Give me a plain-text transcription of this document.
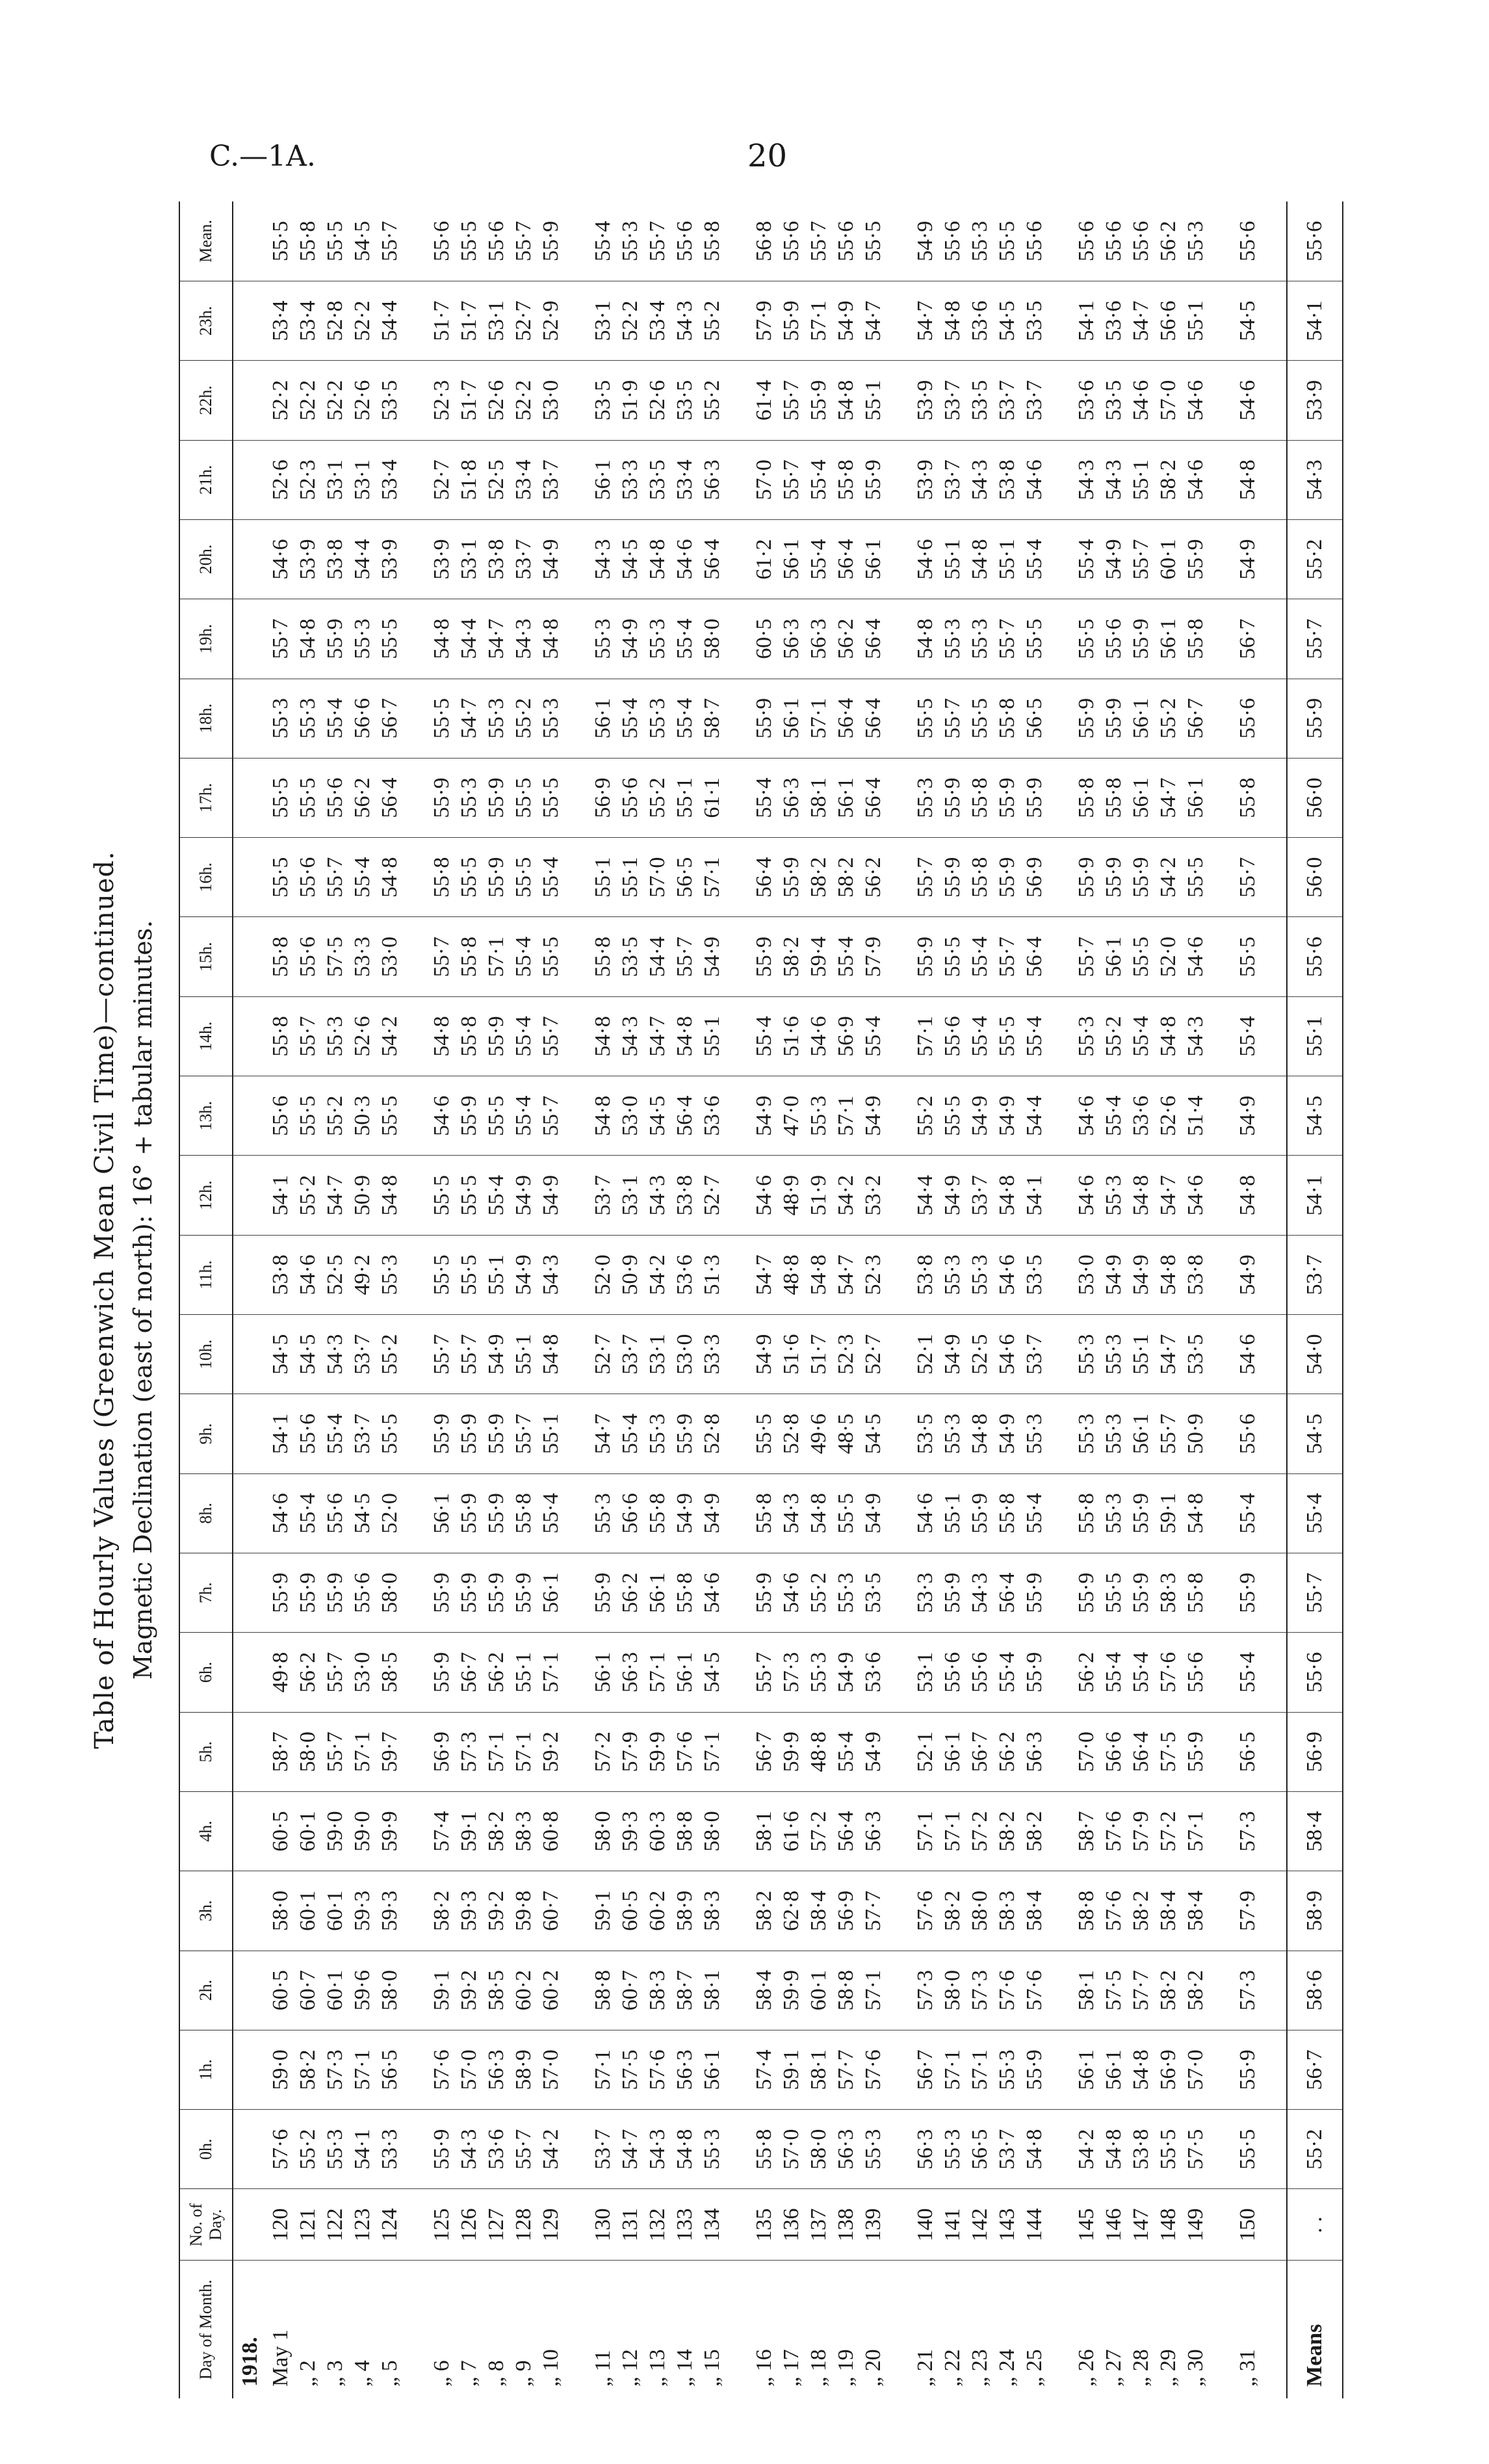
C.—1A.	20
Table of Hourly Values (Greenwich Mean Civil Time)—continued. Magnetic Declination (east of north): 16° + tabular minutes.
Day of Month.	No. of Day.	0h.	1h.	2h.	3h.	4h.	5h.	6h.	7h.	8h.	9h.	10h.	11h.	12h.	13h.	14h.	15h.	16h.	17h.	18h.	19h.	20h.	21h.	22h.	23h.	Mean.
1918.																										
May 1	120	57·6	59·0	60·5	58·0	60·5	58·7	49·8	55·9	54·6	54·1	54·5	53·8	54·1	55·6	55·8	55·8	55·5	55·5	55·3	55·7	54·6	52·6	52·2	53·4	55·5
„ 2	121	55·2	58·2	60·7	60·1	60·1	58·0	56·2	55·9	55·4	55·6	54·5	54·6	55·2	55·5	55·7	55·6	55·6	55·5	55·3	54·8	53·9	52·3	52·2	53·4	55·8
„ 3	122	55·3	57·3	60·1	60·1	59·0	55·7	55·7	55·9	55·6	55·4	54·3	52·5	54·7	55·2	55·3	57·5	55·7	55·6	55·4	55·9	53·8	53·1	52·2	52·8	55·5
„ 4	123	54·1	57·1	59·6	59·3	59·0	57·1	53·0	55·6	54·5	53·7	53·7	49·2	50·9	50·3	52·6	53·3	55·4	56·2	56·6	55·3	54·4	53·1	52·6	52·2	54·5
„ 5	124	53·3	56·5	58·0	59·3	59·9	59·7	58·5	58·0	52·0	55·5	55·2	55·3	54·8	55·5	54·2	53·0	54·8	56·4	56·7	55·5	53·9	53·4	53·5	54·4	55·7

„ 6	125	55·9	57·6	59·1	58·2	57·4	56·9	55·9	55·9	56·1	55·9	55·7	55·5	55·5	54·6	54·8	55·7	55·8	55·9	55·5	54·8	53·9	52·7	52·3	51·7	55·6
„ 7	126	54·3	57·0	59·2	59·3	59·1	57·3	56·7	55·9	55·9	55·9	55·7	55·5	55·5	55·9	55·8	55·8	55·5	55·3	54·7	54·4	53·1	51·8	51·7	51·7	55·5
„ 8	127	53·6	56·3	58·5	59·2	58·2	57·1	56·2	55·9	55·9	55·9	54·9	55·1	55·4	55·5	55·9	57·1	55·9	55·9	55·3	54·7	53·8	52·5	52·6	53·1	55·6
„ 9	128	55·7	58·9	60·2	59·8	58·3	57·1	55·1	55·9	55·8	55·7	55·1	54·9	54·9	55·4	55·4	55·4	55·5	55·5	55·2	54·3	53·7	53·4	52·2	52·7	55·7
„ 10	129	54·2	57·0	60·2	60·7	60·8	59·2	57·1	56·1	55·4	55·1	54·8	54·3	54·9	55·7	55·7	55·5	55·4	55·5	55·3	54·8	54·9	53·7	53·0	52·9	55·9

„ 11	130	53·7	57·1	58·8	59·1	58·0	57·2	56·1	55·9	55·3	54·7	52·7	52·0	53·7	54·8	54·8	55·8	55·1	56·9	56·1	55·3	54·3	56·1	53·5	53·1	55·4
„ 12	131	54·7	57·5	60·7	60·5	59·3	57·9	56·3	56·2	56·6	55·4	53·7	50·9	53·1	53·0	54·3	53·5	55·1	55·6	55·4	54·9	54·5	53·3	51·9	52·2	55·3
„ 13	132	54·3	57·6	58·3	60·2	60·3	59·9	57·1	56·1	55·8	55·3	53·1	54·2	54·3	54·5	54·7	54·4	57·0	55·2	55·3	55·3	54·8	53·5	52·6	53·4	55·7
„ 14	133	54·8	56·3	58·7	58·9	58·8	57·6	56·1	55·8	54·9	55·9	53·0	53·6	53·8	56·4	54·8	55·7	56·5	55·1	55·4	55·4	54·6	53·4	53·5	54·3	55·6
„ 15	134	55·3	56·1	58·1	58·3	58·0	57·1	54·5	54·6	54·9	52·8	53·3	51·3	52·7	53·6	55·1	54·9	57·1	61·1	58·7	58·0	56·4	56·3	55·2	55·2	55·8

„ 16	135	55·8	57·4	58·4	58·2	58·1	56·7	55·7	55·9	55·8	55·5	54·9	54·7	54·6	54·9	55·4	55·9	56·4	55·4	55·9	60·5	61·2	57·0	61·4	57·9	56·8
„ 17	136	57·0	59·1	59·9	62·8	61·6	59·9	57·3	54·6	54·3	52·8	51·6	48·8	48·9	47·0	51·6	58·2	55·9	56·3	56·1	56·3	56·1	55·7	55·7	55·9	55·6
„ 18	137	58·0	58·1	60·1	58·4	57·2	48·8	55·3	55·2	54·8	49·6	51·7	54·8	51·9	55·3	54·6	59·4	58·2	58·1	57·1	56·3	55·4	55·4	55·9	57·1	55·7
„ 19	138	56·3	57·7	58·8	56·9	56·4	55·4	54·9	55·3	55·5	48·5	52·3	54·7	54·2	57·1	56·9	55·4	58·2	56·1	56·4	56·2	56·4	55·8	54·8	54·9	55·6
„ 20	139	55·3	57·6	57·1	57·7	56·3	54·9	53·6	53·5	54·9	54·5	52·7	52·3	53·2	54·9	55·4	57·9	56·2	56·4	56·4	56·4	56·1	55·9	55·1	54·7	55·5

„ 21	140	56·3	56·7	57·3	57·6	57·1	52·1	53·1	53·3	54·6	53·5	52·1	53·8	54·4	55·2	57·1	55·9	55·7	55·3	55·5	54·8	54·6	53·9	53·9	54·7	54·9
„ 22	141	55·3	57·1	58·0	58·2	57·1	56·1	55·6	55·9	55·1	55·3	54·9	55·3	54·9	55·5	55·6	55·5	55·9	55·9	55·7	55·3	55·1	53·7	53·7	54·8	55·6
„ 23	142	56·5	57·1	57·3	58·0	57·2	56·7	55·6	54·3	55·9	54·8	52·5	55·3	53·7	54·9	55·4	55·4	55·8	55·8	55·5	55·3	54·8	54·3	53·5	53·6	55·3
„ 24	143	53·7	55·3	57·6	58·3	58·2	56·2	55·4	56·4	55·8	54·9	54·6	54·6	54·8	54·9	55·5	55·7	55·9	55·9	55·8	55·7	55·1	53·8	53·7	54·5	55·5
„ 25	144	54·8	55·9	57·6	58·4	58·2	56·3	55·9	55·9	55·4	55·3	53·7	53·5	54·1	54·4	55·4	56·4	56·9	55·9	56·5	55·5	55·4	54·6	53·7	53·5	55·6

„ 26	145	54·2	56·1	58·1	58·8	58·7	57·0	56·2	55·9	55·8	55·3	55·3	53·0	54·6	54·6	55·3	55·7	55·9	55·8	55·9	55·5	55·4	54·3	53·6	54·1	55·6
„ 27	146	54·8	56·1	57·5	57·6	57·6	56·6	55·4	55·5	55·3	55·3	55·3	54·9	55·3	55·4	55·2	56·1	55·9	55·8	55·9	55·6	54·9	54·3	53·5	53·6	55·6
„ 28	147	53·8	54·8	57·7	58·2	57·9	56·4	55·4	55·9	55·9	56·1	55·1	54·9	54·8	53·6	55·4	55·5	55·9	56·1	56·1	55·9	55·7	55·1	54·6	54·7	55·6
„ 29	148	55·5	56·9	58·2	58·4	57·2	57·5	57·6	58·3	59·1	55·7	54·7	54·8	54·7	52·6	54·8	52·0	54·2	54·7	55·2	56·1	60·1	58·2	57·0	56·6	56·2
„ 30	149	57·5	57·0	58·2	58·4	57·1	55·9	55·6	55·8	54·8	50·9	53·5	53·8	54·6	51·4	54·3	54·6	55·5	56·1	56·7	55·8	55·9	54·6	54·6	55·1	55·3

„ 31	150	55·5	55·9	57·3	57·9	57·3	56·5	55·4	55·9	55·4	55·6	54·6	54·9	54·8	54·9	55·4	55·5	55·7	55·8	55·6	56·7	54·9	54·8	54·6	54·5	55·6

Means	. .	55·2	56·7	58·6	58·9	58·4	56·9	55·6	55·7	55·4	54·5	54·0	53·7	54·1	54·5	55·1	55·6	56·0	56·0	55·9	55·7	55·2	54·3	53·9	54·1	55·6
